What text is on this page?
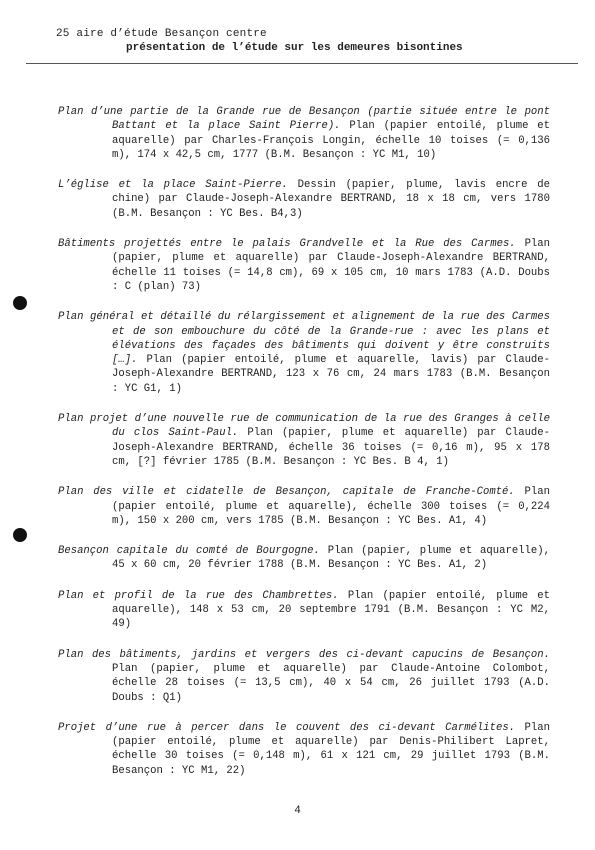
25 aire d’étude Besançon centre
présentation de l’étude sur les demeures bisontines

Plan d’une partie de la Grande rue de Besançon (partie située entre le pont Battant et la place Saint Pierre). Plan (papier entoilé, plume et aquarelle) par Charles-François Longin, échelle 10 toises (= 0,136 m), 174 x 42,5 cm, 1777 (B.M. Besançon : YC M1, 10)

L’église et la place Saint-Pierre. Dessin (papier, plume, lavis encre de chine) par Claude-Joseph-Alexandre BERTRAND, 18 x 18 cm, vers 1780 (B.M. Besançon : YC Bes. B4,3)

Bâtiments projettés entre le palais Grandvelle et la Rue des Carmes. Plan (papier, plume et aquarelle) par Claude-Joseph-Alexandre BERTRAND, échelle 11 toises (= 14,8 cm), 69 x 105 cm, 10 mars 1783 (A.D. Doubs : C (plan) 73)

Plan général et détaillé du rélargissement et alignement de la rue des Carmes et de son embouchure du côté de la Grande-rue : avec les plans et élévations des façades des bâtiments qui doivent y être construits […]. Plan (papier entoilé, plume et aquarelle, lavis) par Claude-Joseph-Alexandre BERTRAND, 123 x 76 cm, 24 mars 1783 (B.M. Besançon : YC G1, 1)

Plan projet d’une nouvelle rue de communication de la rue des Granges à celle du clos Saint-Paul. Plan (papier, plume et aquarelle) par Claude-Joseph-Alexandre BERTRAND, échelle 36 toises (= 0,16 m), 95 x 178 cm, [?] février 1785 (B.M. Besançon : YC Bes. B 4, 1)

Plan des ville et cidatelle de Besançon, capitale de Franche-Comté. Plan (papier entoilé, plume et aquarelle), échelle 300 toises (= 0,224 m), 150 x 200 cm, vers 1785 (B.M. Besançon : YC Bes. A1, 4)

Besançon capitale du comté de Bourgogne. Plan (papier, plume et aquarelle), 45 x 60 cm, 20 février 1788 (B.M. Besançon : YC Bes. A1, 2)

Plan et profil de la rue des Chambrettes. Plan (papier entoilé, plume et aquarelle), 148 x 53 cm, 20 septembre 1791 (B.M. Besançon : YC M2, 49)

Plan des bâtiments, jardins et vergers des ci-devant capucins de Besançon. Plan (papier, plume et aquarelle) par Claude-Antoine Colombot, échelle 28 toises (= 13,5 cm), 40 x 54 cm, 26 juillet 1793 (A.D. Doubs : Q1)

Projet d’une rue à percer dans le couvent des ci-devant Carmélites. Plan (papier entoilé, plume et aquarelle) par Denis-Philibert Lapret, échelle 30 toises (= 0,148 m), 61 x 121 cm, 29 juillet 1793 (B.M. Besançon : YC M1, 22)

4
